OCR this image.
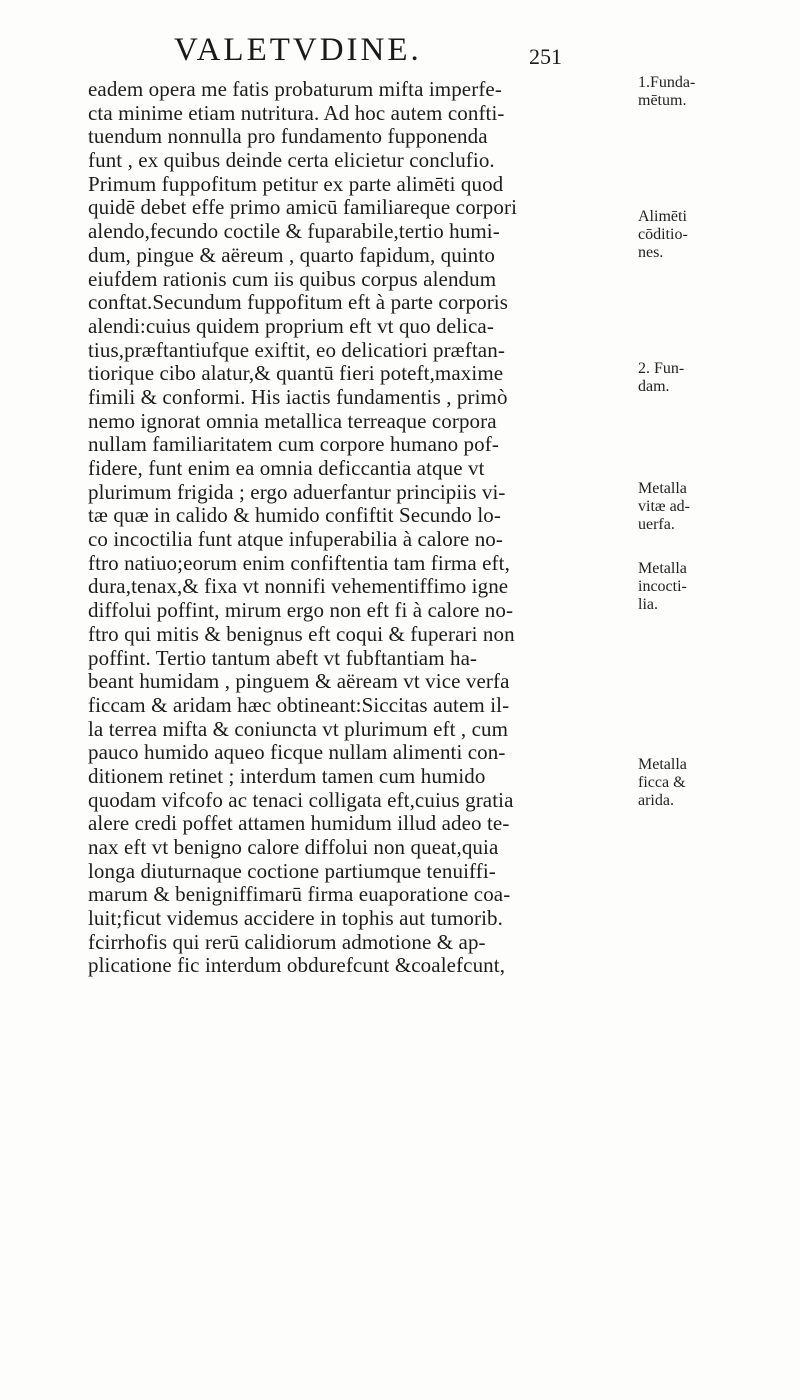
VALETVDINE.	251
eadem opera me fatis probaturum mifta imperfe-
cta minime etiam nutritura. Ad hoc autem confti-
tuendum nonnulla pro fundamento fupponenda
funt , ex quibus deinde certa elicietur conclufio.
Primum fuppofitum petitur ex parte alimēti quod
quidē debet effe primo amicū familiareque corpori
alendo,fecundo coctile & fuparabile,tertio humi-
dum, pingue & aëreum , quarto fapidum, quinto
eiufdem rationis cum iis quibus corpus alendum
conftat.Secundum fuppofitum eft à parte corporis
alendi:cuius quidem proprium eft vt quo delica-
tius,præftantiufque exiftit, eo delicatiori præftan-
tiorique cibo alatur,& quantū fieri poteft,maxime
fimili & conformi. His iactis fundamentis , primò
nemo ignorat omnia metallica terreaque corpora
nullam familiaritatem cum corpore humano pof-
fidere, funt enim ea omnia deficcantia atque vt
plurimum frigida ; ergo aduerfantur principiis vi-
tæ quæ in calido & humido confiftit Secundo lo-
co incoctilia funt atque infuperabilia à calore no-
ftro natiuo;eorum enim confiftentia tam firma eft,
dura,tenax,& fixa vt nonnifi vehementiffimo igne
diffolui poffint, mirum ergo non eft fi à calore no-
ftro qui mitis & benignus eft coqui & fuperari non
poffint. Tertio tantum abeft vt fubftantiam ha-
beant humidam , pinguem & aëream vt vice verfa
ficcam & aridam hæc obtineant:Siccitas autem il-
la terrea mifta & coniuncta vt plurimum eft , cum
pauco humido aqueo ficque nullam alimenti con-
ditionem retinet ; interdum tamen cum humido
quodam vifcofo ac tenaci colligata eft,cuius gratia
alere credi poffet attamen humidum illud adeo te-
nax eft vt benigno calore diffolui non queat,quia
longa diuturnaque coctione partiumque tenuiffi-
marum & benigniffimarū firma euaporatione coa-
luit;ficut videmus accidere in tophis aut tumorib.
fcirrhofis qui rerū calidiorum admotione & ap-
plicatione fic interdum obdurefcunt &coalefcunt,
1.Funda-
mētum.
Alimēti
cōditio-
nes.
2. Fun-
dam.
Metalla
vitæ ad-
uerfa.
Metalla
incocti-
lia.
Metalla
ficca &
arida.
